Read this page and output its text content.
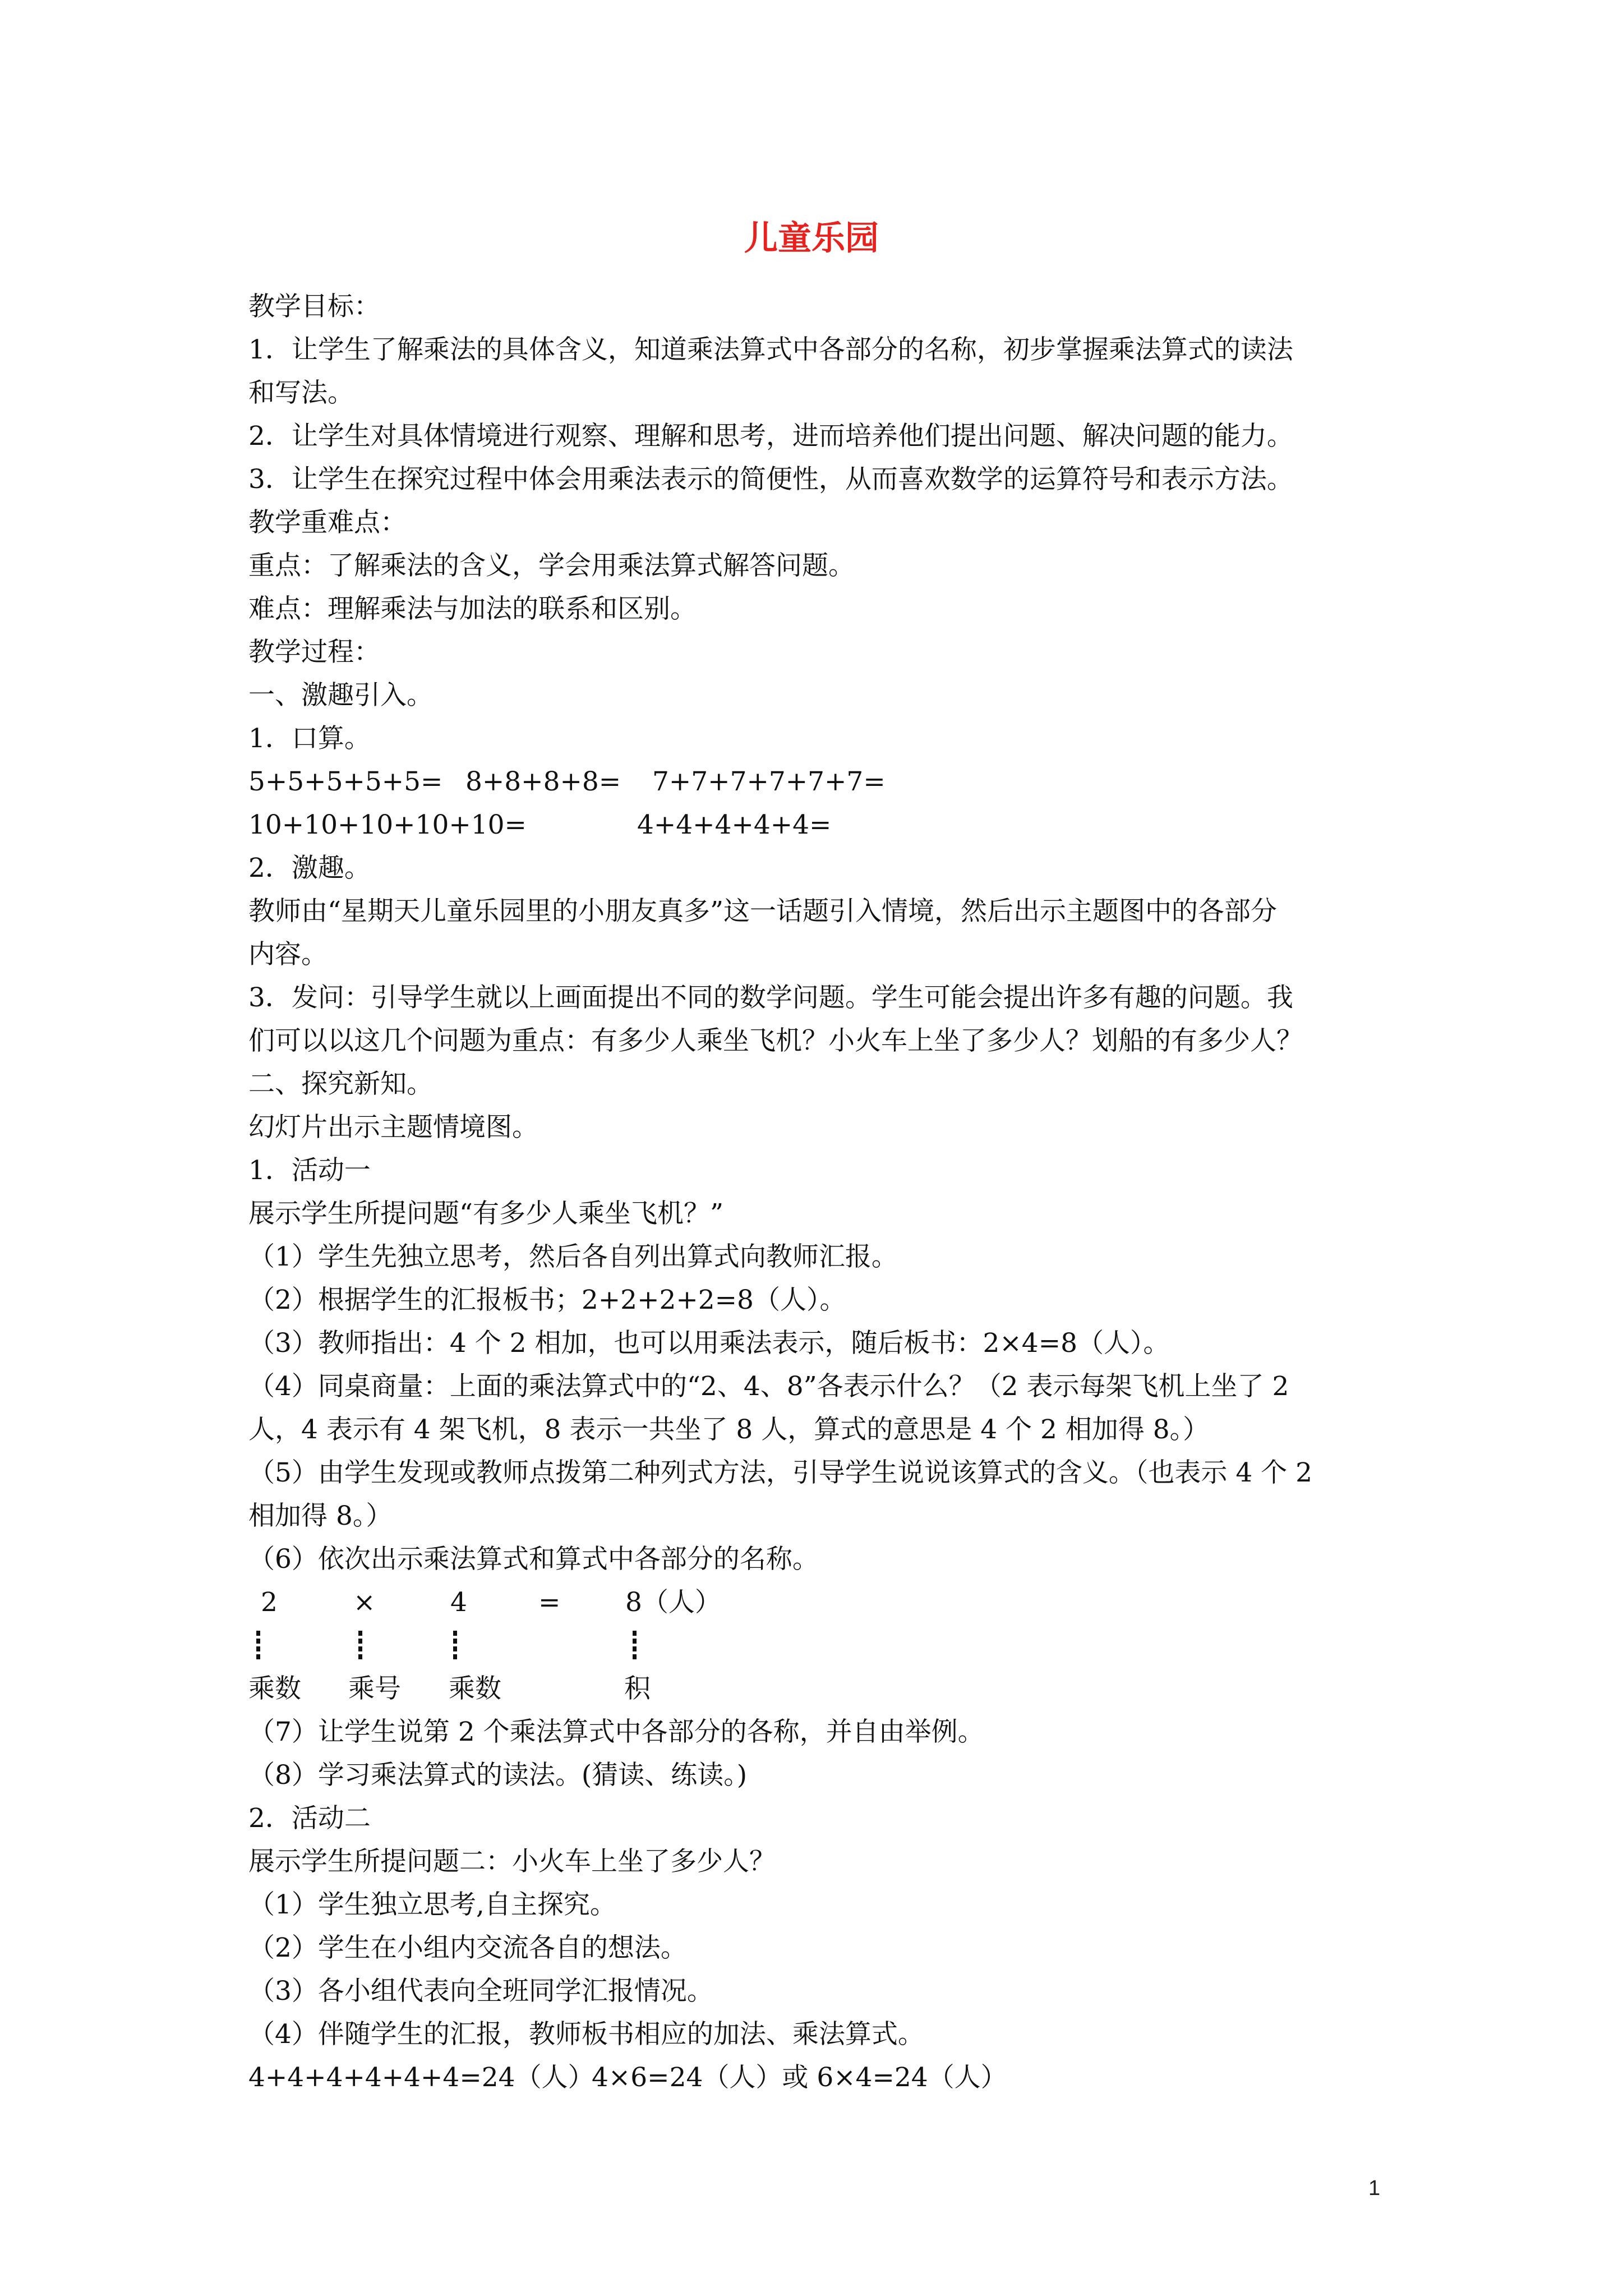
儿童乐园
教学目标：
1．让学生了解乘法的具体含义，知道乘法算式中各部分的名称，初步掌握乘法算式的读法
和写法。
2．让学生对具体情境进行观察、理解和思考，进而培养他们提出问题、解决问题的能力。
3．让学生在探究过程中体会用乘法表示的简便性，从而喜欢数学的运算符号和表示方法。
教学重难点：
重点：了解乘法的含义，学会用乘法算式解答问题。
难点：理解乘法与加法的联系和区别。
教学过程：
一、激趣引入。
1．口算。
5+5+5+5+5= 8+8+8+8= 7+7+7+7+7+7=
10+10+10+10+10=	4+4+4+4+4=
2．激趣。
教师由“星期天儿童乐园里的小朋友真多”这一话题引入情境，然后出示主题图中的各部分
内容。
3．发问：引导学生就以上画面提出不同的数学问题。学生可能会提出许多有趣的问题。我
们可以以这几个问题为重点：有多少人乘坐飞机？小火车上坐了多少人？划船的有多少人？
二、探究新知。
幻灯片出示主题情境图。
1．活动一
展示学生所提问题“有多少人乘坐飞机？”
（1）学生先独立思考，然后各自列出算式向教师汇报。
（2）根据学生的汇报板书；2+2+2+2=8（人）。
（3）教师指出：4 个 2 相加，也可以用乘法表示，随后板书：2×4=8（人）。
（4）同桌商量：上面的乘法算式中的“2、4、8”各表示什么？（2 表示每架飞机上坐了 2
人，4 表示有 4 架飞机，8 表示一共坐了 8 人，算式的意思是 4 个 2 相加得 8。）
（5）由学生发现或教师点拨第二种列式方法，引导学生说说该算式的含义。（也表示 4 个 2
相加得 8。）
（6）依次出示乘法算式和算式中各部分的名称。
2	×	4	= 8（人）
乘数 乘号 乘数	积
（7）让学生说第 2 个乘法算式中各部分的各称，并自由举例。
（8）学习乘法算式的读法。(猜读、练读。)
2．活动二
展示学生所提问题二：小火车上坐了多少人？
（1）学生独立思考,自主探究。
（2）学生在小组内交流各自的想法。
（3）各小组代表向全班同学汇报情况。
（4）伴随学生的汇报，教师板书相应的加法、乘法算式。
4+4+4+4+4+4=24（人）
4×6=24（人）或 6×4=24（人）
1
